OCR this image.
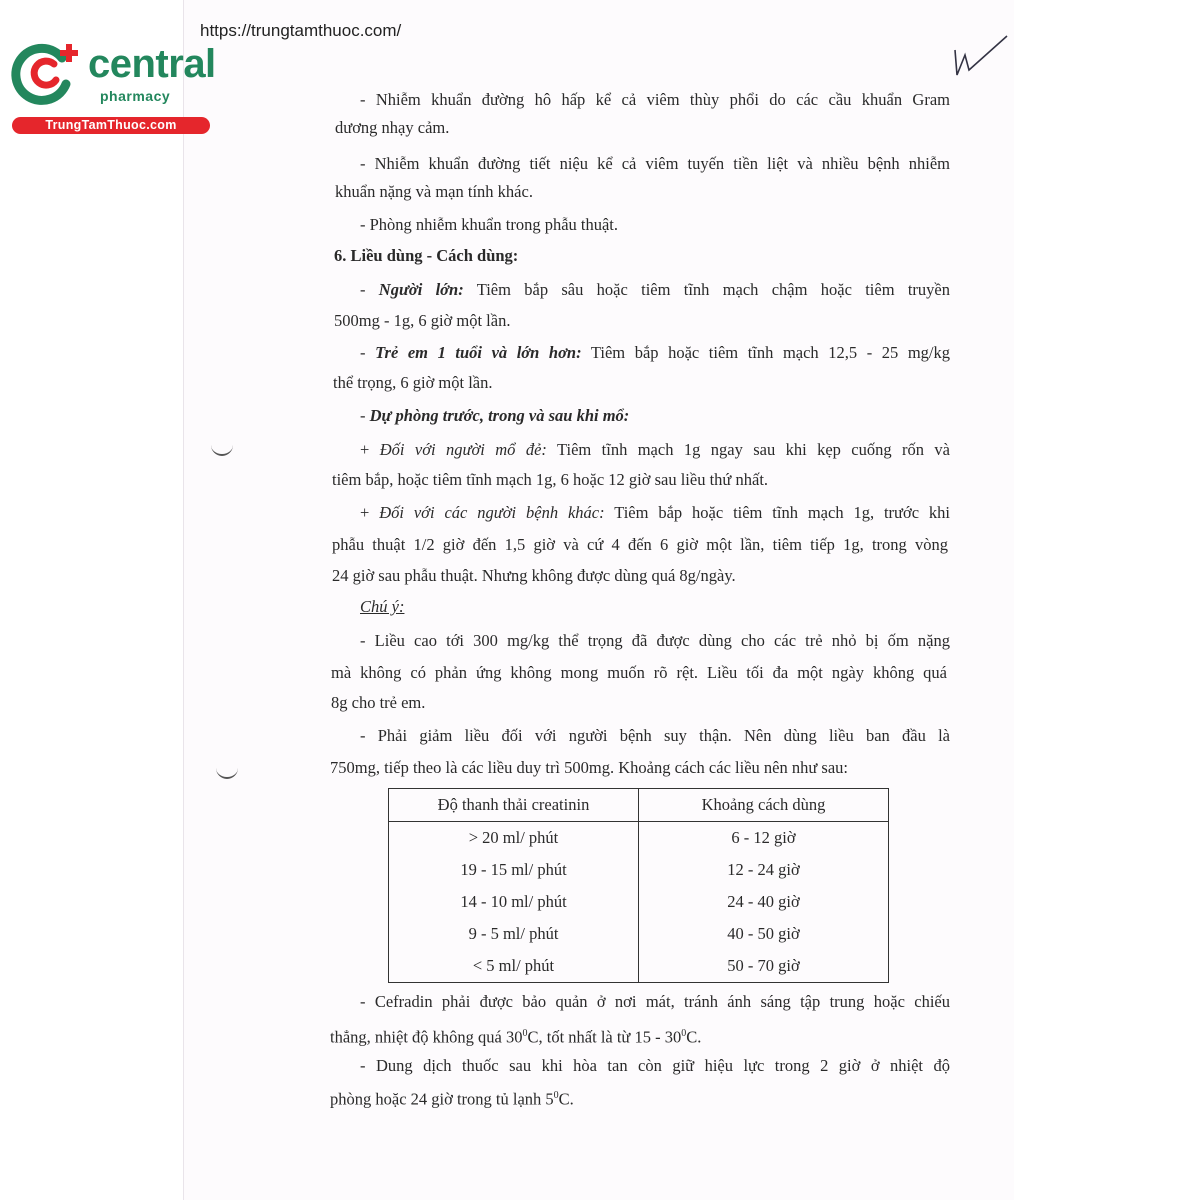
https://trungtamthuoc.com/
central
pharmacy
TrungTamThuoc.com
- Nhiễm khuẩn đường hô hấp kể cả viêm thùy phổi do các cầu khuẩn Gram
dương nhạy cảm.
- Nhiễm khuẩn đường tiết niệu kể cả viêm tuyến tiền liệt và nhiều bệnh nhiễm
khuẩn nặng và mạn tính khác.
- Phòng nhiễm khuẩn trong phẫu thuật.
6. Liều dùng - Cách dùng:
- Người lớn: Tiêm bắp sâu hoặc tiêm tĩnh mạch chậm hoặc tiêm truyền
500mg - 1g, 6 giờ một lần.
- Trẻ em 1 tuổi và lớn hơn: Tiêm bắp hoặc tiêm tĩnh mạch 12,5 - 25 mg/kg
thể trọng, 6 giờ một lần.
- Dự phòng trước, trong và sau khi mổ:
+ Đối với người mổ đẻ: Tiêm tĩnh mạch 1g ngay sau khi kẹp cuống rốn và
tiêm bắp, hoặc tiêm tĩnh mạch 1g, 6 hoặc 12 giờ sau liều thứ nhất.
+ Đối với các người bệnh khác: Tiêm bắp hoặc tiêm tĩnh mạch 1g, trước khi
phẫu thuật 1/2 giờ đến 1,5 giờ và cứ 4 đến 6 giờ một lần, tiêm tiếp 1g, trong vòng
24 giờ sau phẫu thuật. Nhưng không được dùng quá 8g/ngày.
Chú ý:
- Liều cao tới 300 mg/kg thể trọng đã được dùng cho các trẻ nhỏ bị ốm nặng
mà không có phản ứng không mong muốn rõ rệt. Liều tối đa một ngày không quá
8g cho trẻ em.
- Phải giảm liều đối với người bệnh suy thận. Nên dùng liều ban đầu là
750mg, tiếp theo là các liều duy trì 500mg. Khoảng cách các liều nên như sau:
- Cefradin phải được bảo quản ở nơi mát, tránh ánh sáng tập trung hoặc chiếu
thẳng, nhiệt độ không quá $30^0C$, tốt nhất là từ $15 - 30^0C$.
- Dung dịch thuốc sau khi hòa tan còn giữ hiệu lực trong 2 giờ ở nhiệt độ
phòng hoặc 24 giờ trong tủ lạnh $5^0C$.
Độ thanh thải creatinin	Khoảng cách dùng
> 20 ml/ phút	6 - 12 giờ
19 - 15 ml/ phút	12 - 24 giờ
14 - 10 ml/ phút	24 - 40 giờ
9 - 5 ml/ phút	40 - 50 giờ
< 5 ml/ phút	50 - 70 giờ
